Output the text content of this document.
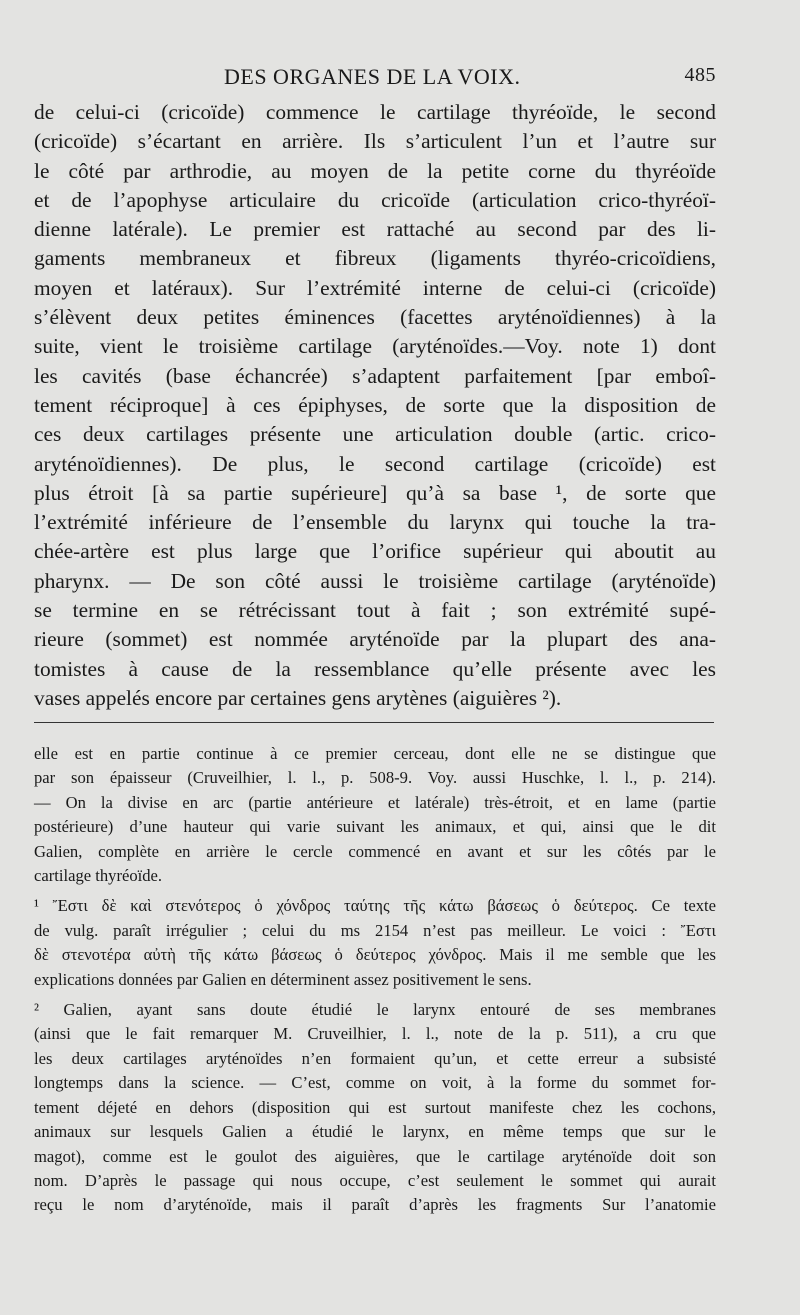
DES ORGANES DE LA VOIX.	485
de celui-ci (cricoïde) commence le cartilage thyréoïde, le second
(cricoïde) s’écartant en arrière. Ils s’articulent l’un et l’autre sur
le côté par arthrodie, au moyen de la petite corne du thyréoïde
et de l’apophyse articulaire du cricoïde (articulation crico-thyréoï-
dienne latérale). Le premier est rattaché au second par des li-
gaments membraneux et fibreux (ligaments thyréo-cricoïdiens,
moyen et latéraux). Sur l’extrémité interne de celui-ci (cricoïde)
s’élèvent deux petites éminences (facettes aryténoïdiennes) à la
suite, vient le troisième cartilage (aryténoïdes.—Voy. note 1) dont
les cavités (base échancrée) s’adaptent parfaitement [par emboî-
tement réciproque] à ces épiphyses, de sorte que la disposition de
ces deux cartilages présente une articulation double (artic. crico-
aryténoïdiennes). De plus, le second cartilage (cricoïde) est
plus étroit [à sa partie supérieure] qu’à sa base ¹, de sorte que
l’extrémité inférieure de l’ensemble du larynx qui touche la tra-
chée-artère est plus large que l’orifice supérieur qui aboutit au
pharynx. — De son côté aussi le troisième cartilage (aryténoïde)
se termine en se rétrécissant tout à fait ; son extrémité supé-
rieure (sommet) est nommée aryténoïde par la plupart des ana-
tomistes à cause de la ressemblance qu’elle présente avec les
vases appelés encore par certaines gens arytènes (aiguières ²).
elle est en partie continue à ce premier cerceau, dont elle ne se distingue que
par son épaisseur (Cruveilhier, l. l., p. 508-9. Voy. aussi Huschke, l. l., p. 214).
— On la divise en arc (partie antérieure et latérale) très-étroit, et en lame (partie
postérieure) d’une hauteur qui varie suivant les animaux, et qui, ainsi que le dit
Galien, complète en arrière le cercle commencé en avant et sur les côtés par le
cartilage thyréoïde.
¹ Ἔστι δὲ καὶ στενότερος ὁ χόνδρος ταύτης τῆς κάτω βάσεως ὁ δεύτερος. Ce texte
de vulg. paraît irrégulier ; celui du ms 2154 n’est pas meilleur. Le voici : Ἔστι
δὲ στενοτέρα αὐτὴ τῆς κάτω βάσεως ὁ δεύτερος χόνδρος. Mais il me semble que les
explications données par Galien en déterminent assez positivement le sens.
² Galien, ayant sans doute étudié le larynx entouré de ses membranes
(ainsi que le fait remarquer M. Cruveilhier, l. l., note de la p. 511), a cru que
les deux cartilages aryténoïdes n’en formaient qu’un, et cette erreur a subsisté
longtemps dans la science. — C’est, comme on voit, à la forme du sommet for-
tement déjeté en dehors (disposition qui est surtout manifeste chez les cochons,
animaux sur lesquels Galien a étudié le larynx, en même temps que sur le
magot), comme est le goulot des aiguières, que le cartilage aryténoïde doit son
nom. D’après le passage qui nous occupe, c’est seulement le sommet qui aurait
reçu le nom d’aryténoïde, mais il paraît d’après les fragments Sur l’anatomie
